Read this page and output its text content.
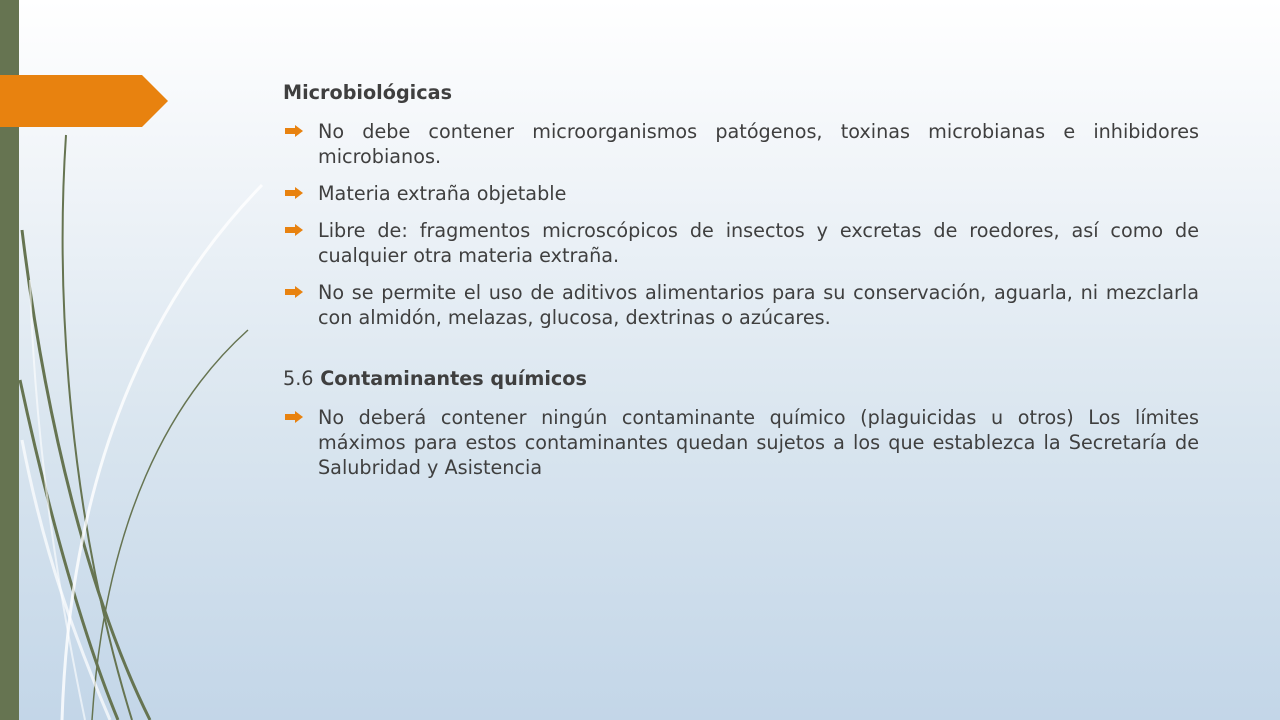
Microbiológicas
No debe contener microorganismos patógenos, toxinas microbianas e inhibidores microbianos.
Materia extraña objetable
Libre de: fragmentos microscópicos de insectos y excretas de roedores, así como de cualquier otra materia extraña.
No se permite el uso de aditivos alimentarios para su conservación, aguarla, ni mezclarla con almidón, melazas, glucosa, dextrinas o azúcares.
5.6 Contaminantes químicos
No deberá contener ningún contaminante químico (plaguicidas u otros) Los límites máximos para estos contaminantes quedan sujetos a los que establezca la Secretaría de Salubridad y Asistencia
